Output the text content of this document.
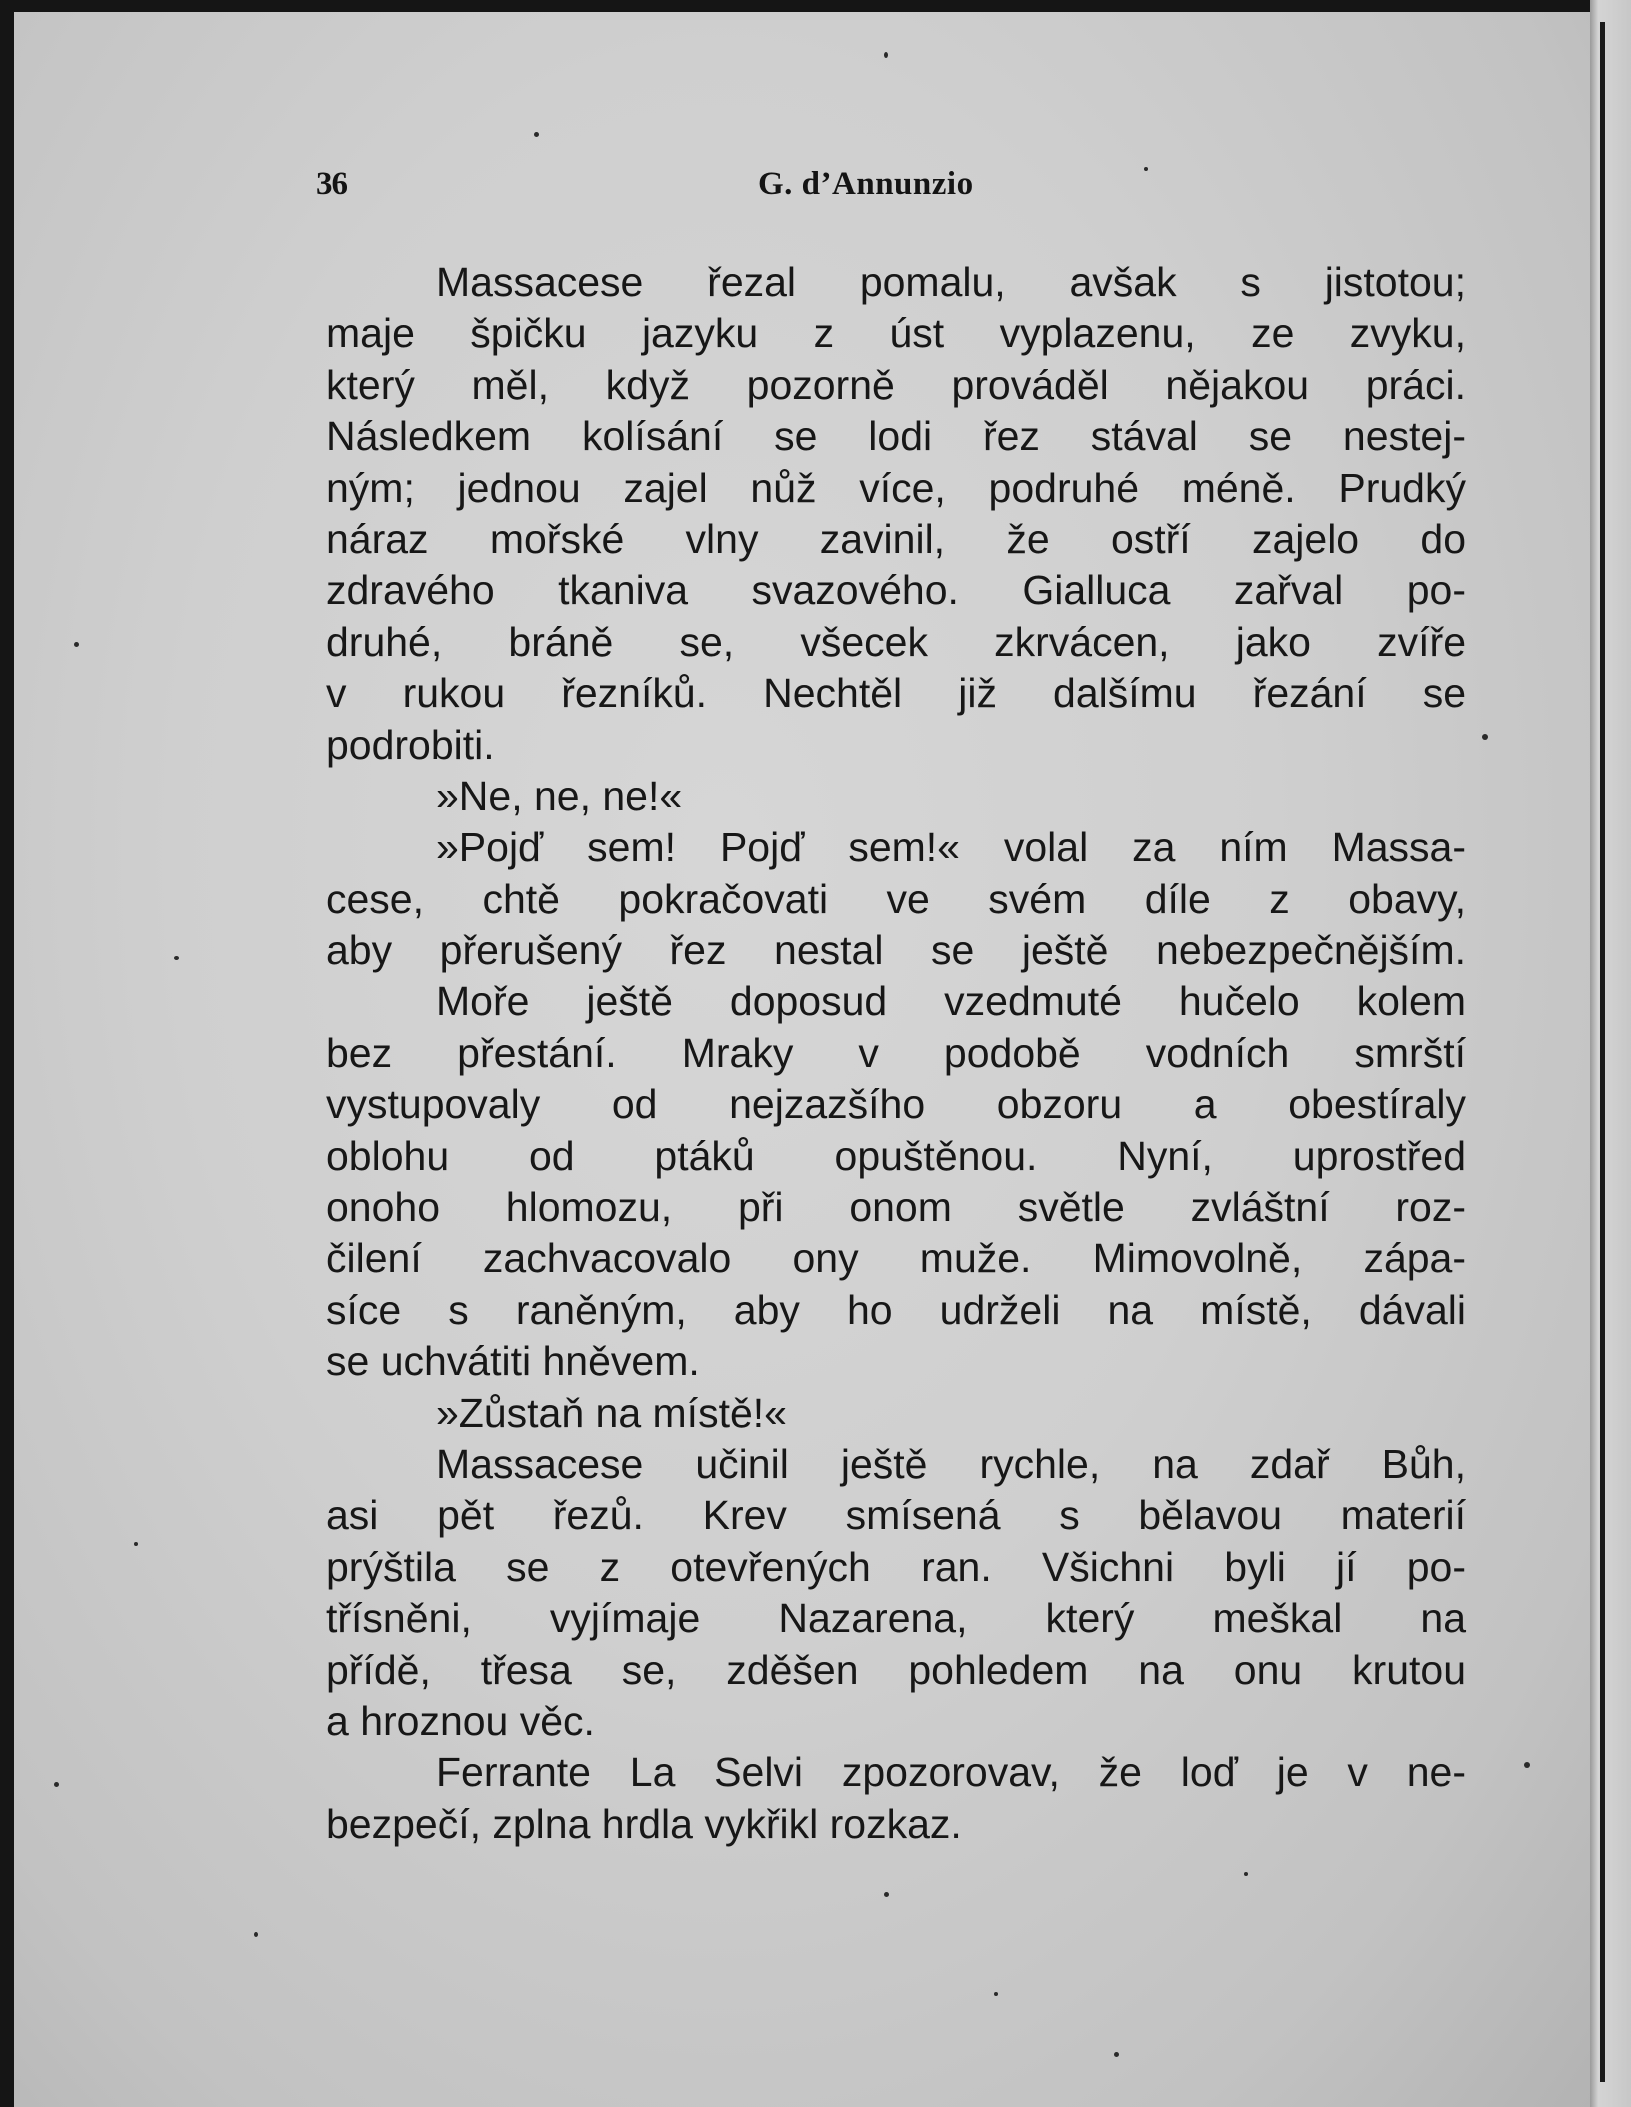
36	G. d’Annunzio
Massacese řezal pomalu, avšak s jistotou;
maje špičku jazyku z úst vyplazenu, ze zvyku,
který měl, když pozorně prováděl nějakou práci.
Následkem kolísání se lodi řez stával se nestej-
ným; jednou zajel nůž více, podruhé méně. Prudký
náraz mořské vlny zavinil, že ostří zajelo do
zdravého tkaniva svazového. Gialluca zařval po-
druhé, bráně se, všecek zkrvácen, jako zvíře
v rukou řezníků. Nechtěl již dalšímu řezání se
podrobiti.
»Ne, ne, ne!«
»Pojď sem! Pojď sem!« volal za ním Massa-
cese, chtě pokračovati ve svém díle z obavy,
aby přerušený řez nestal se ještě nebezpečnějším.
Moře ještě doposud vzedmuté hučelo kolem
bez přestání. Mraky v podobě vodních smrští
vystupovaly od nejzazšího obzoru a obestíraly
oblohu od ptáků opuštěnou. Nyní, uprostřed
onoho hlomozu, při onom světle zvláštní roz-
čilení zachvacovalo ony muže. Mimovolně, zápa-
síce s raněným, aby ho udrželi na místě, dávali
se uchvátiti hněvem.
»Zůstaň na místě!«
Massacese učinil ještě rychle, na zdař Bůh,
asi pět řezů. Krev smísená s bělavou materií
prýštila se z otevřených ran. Všichni byli jí po-
třísněni, vyjímaje Nazarena, který meškal na
přídě, třesa se, zděšen pohledem na onu krutou
a hroznou věc.
Ferrante La Selvi zpozorovav, že loď je v ne-
bezpečí, zplna hrdla vykřikl rozkaz.
